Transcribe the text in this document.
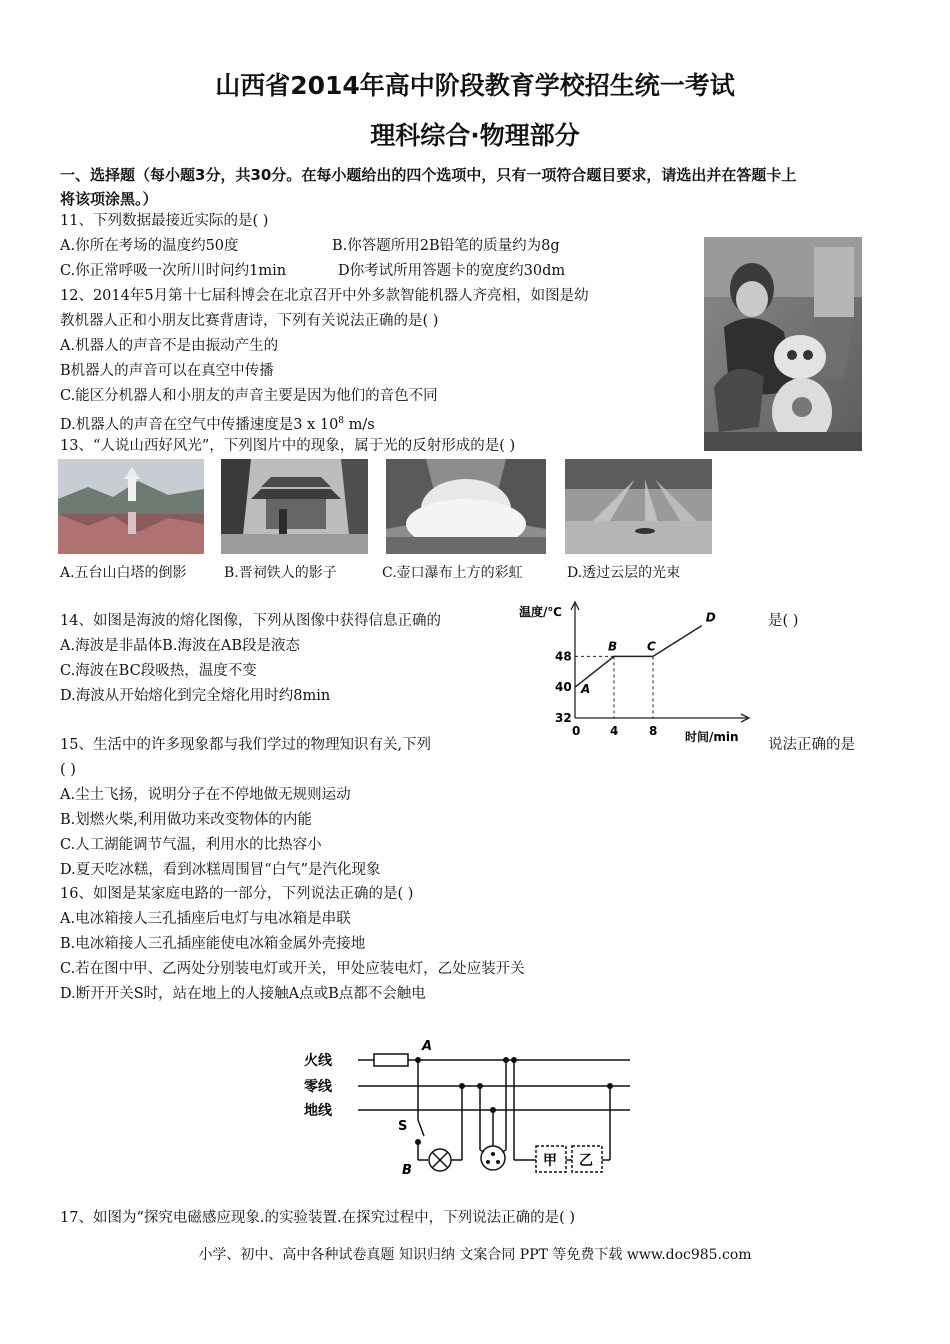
山西省2014年高中阶段教育学校招生统一考试
理科综合·物理部分
一、选择题（每小题3分，共30分。在每小题给出的四个选项中，只有一项符合题目要求，请选出并在答题卡上
将该项涂黑。）
11、下列数据最接近实际的是( )
A.你所在考场的温度约50度	B.你答题所用2B铅笔的质量约为8g
C.你正常呼吸一次所川时问约1min	D你考试所用答题卡的宽度约30dm
12、2014年5月第十七届科博会在北京召开中外多款智能机器人齐亮相，如图是幼
教机器人正和小朋友比赛背唐诗，下列有关说法正确的是( )
A.机器人的声音不是由振动产生的
B机器人的声音可以在真空中传播
C.能区分机器人和小朋友的声音主要是因为他们的音色不同
D.机器人的声音在空气中传播速度是3 x $10^8$ m/s
13、“人说山西好风光”，下列图片中的现象，属于光的反射形成的是( )
A.五台山白塔的倒影	B.晋祠铁人的影子	C.壶口瀑布上方的彩虹	D.透过云层的光束
14、如图是海波的熔化图像，下列从图像中获得信息正确的	是( )
A.海波是非晶体B.海波在AB段是液态
C.海波在BC段吸热，温度不变
D.海波从开始熔化到完全熔化用时约8min
温度/℃
时间/min
0 4	8
32
40
48
A
B C
D
15、生活中的许多现象都与我们学过的物理知识有关,下列	说法正确的是
( )
A.尘土飞扬，说明分子在不停地做无规则运动
B.划燃火柴,利用做功来改变物体的内能
C.人工湖能调节气温，利用水的比热容小
D.夏天吃冰糕，看到冰糕周围冒“白气”是汽化现象
16、如图是某家庭电路的一部分，下列说法正确的是( )
A.电冰箱接人三孔插座后电灯与电冰箱是串联
B.电冰箱接人三孔插座能使电冰箱金属外壳接地
C.若在图中甲、乙两处分别装电灯或开关，甲处应装电灯，乙处应装开关
D.断开开关S时，站在地上的人接触A点或B点都不会触电
火线
零线
地线
A
S
B
甲 乙
17、如图为“探究电磁感应现象.的实验装置.在探究过程中，下列说法正确的是( )
小学、初中、高中各种试卷真题 知识归纳 文案合同 PPT 等免费下载 www.doc985.com
